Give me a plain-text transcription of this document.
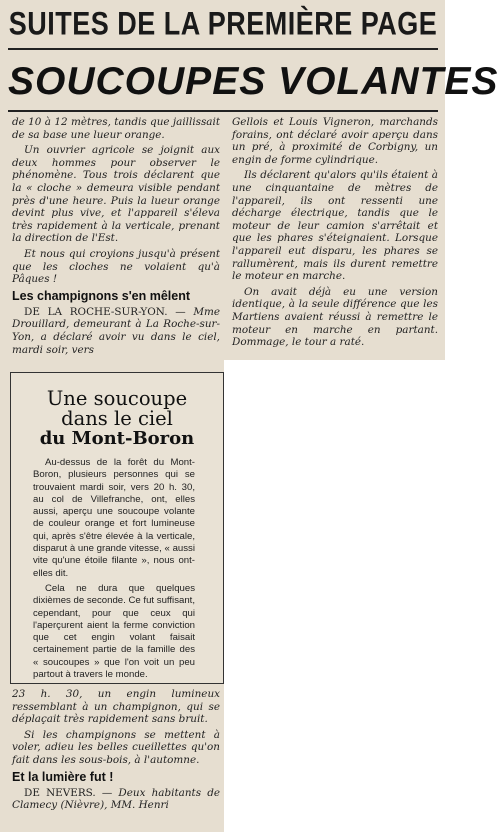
SUITES DE LA PREMIÈRE PAGE
SOUCOUPES VOLANTES

de 10 à 12 mètres, tandis que jaillissait de sa base une lueur orange.

Un ouvrier agricole se joignit aux deux hommes pour observer le phénomène. Tous trois déclarent que la « cloche » demeura visible pendant près d'une heure. Puis la lueur orange devint plus vive, et l'appareil s'éleva très rapidement à la verticale, prenant la direction de l'Est.

Et nous qui croyions jusqu'à présent que les cloches ne volaient qu'à Pâques !

Les champignons s'en mêlent

DE LA ROCHE-SUR-YON. — Mme Drouillard, demeurant à La Roche-sur-Yon, a déclaré avoir vu dans le ciel, mardi soir, vers

Gellois et Louis Vigneron, marchands forains, ont déclaré avoir aperçu dans un pré, à proximité de Corbigny, un engin de forme cylindrique.

Ils déclarent qu'alors qu'ils étaient à une cinquantaine de mètres de l'appareil, ils ont ressenti une décharge électrique, tandis que le moteur de leur camion s'arrêtait et que les phares s'éteignaient. Lorsque l'appareil eut disparu, les phares se rallumèrent, mais ils durent remettre le moteur en marche.

On avait déjà eu une version identique, à la seule différence que les Martiens avaient réussi à remettre le moteur en marche en partant. Dommage, le tour a raté.

Une soucoupe
dans le ciel
du Mont-Boron

Au-dessus de la forêt du Mont-Boron, plusieurs personnes qui se trouvaient mardi soir, vers 20 h. 30, au col de Villefranche, ont, elles aussi, aperçu une soucoupe volante de couleur orange et fort lumineuse qui, après s'être élevée à la verticale, disparut à une grande vitesse, « aussi vite qu'une étoile filante », nous ont-elles dit.

Cela ne dura que quelques dixièmes de seconde. Ce fut suffisant, cependant, pour que ceux qui l'aperçurent aient la ferme conviction que cet engin volant faisait certainement partie de la famille des « soucoupes » que l'on voit un peu partout à travers le monde.

23 h. 30, un engin lumineux ressemblant à un champignon, qui se déplaçait très rapidement sans bruit.

Si les champignons se mettent à voler, adieu les belles cueillettes qu'on fait dans les sous-bois, à l'automne.

Et la lumière fut !

DE NEVERS. — Deux habitants de Clamecy (Nièvre), MM. Henri
